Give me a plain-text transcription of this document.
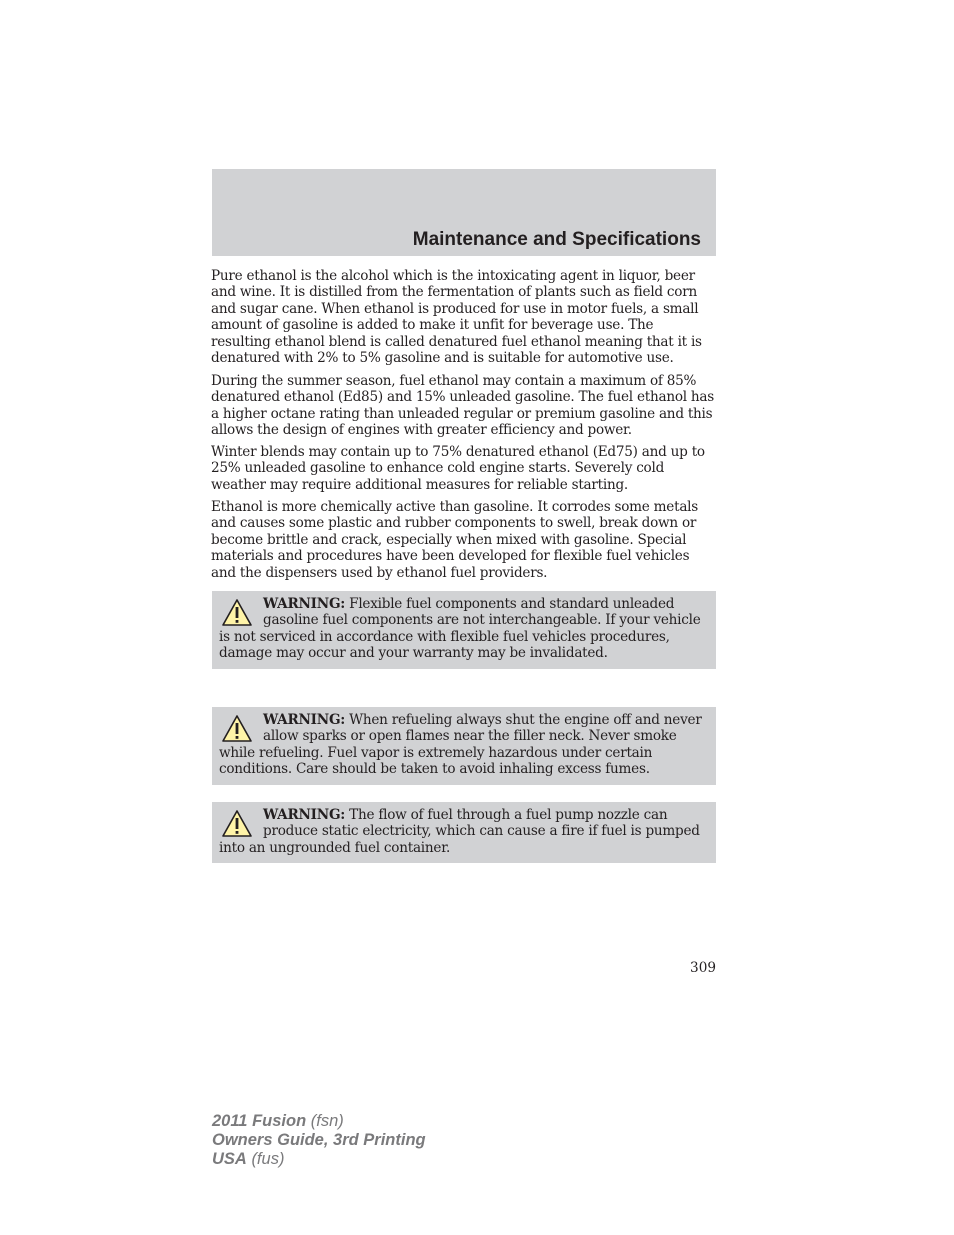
Maintenance and Specifications

Pure ethanol is the alcohol which is the intoxicating agent in liquor, beer and wine. It is distilled from the fermentation of plants such as field corn and sugar cane. When ethanol is produced for use in motor fuels, a small amount of gasoline is added to make it unfit for beverage use. The resulting ethanol blend is called denatured fuel ethanol meaning that it is denatured with 2% to 5% gasoline and is suitable for automotive use.

During the summer season, fuel ethanol may contain a maximum of 85% denatured ethanol (Ed85) and 15% unleaded gasoline. The fuel ethanol has a higher octane rating than unleaded regular or premium gasoline and this allows the design of engines with greater efficiency and power.

Winter blends may contain up to 75% denatured ethanol (Ed75) and up to 25% unleaded gasoline to enhance cold engine starts. Severely cold weather may require additional measures for reliable starting.

Ethanol is more chemically active than gasoline. It corrodes some metals and causes some plastic and rubber components to swell, break down or become brittle and crack, especially when mixed with gasoline. Special materials and procedures have been developed for flexible fuel vehicles and the dispensers used by ethanol fuel providers.

WARNING: Flexible fuel components and standard unleaded gasoline fuel components are not interchangeable. If your vehicle is not serviced in accordance with flexible fuel vehicles procedures, damage may occur and your warranty may be invalidated.
WARNING: When refueling always shut the engine off and never allow sparks or open flames near the filler neck. Never smoke while refueling. Fuel vapor is extremely hazardous under certain conditions. Care should be taken to avoid inhaling excess fumes.
WARNING: The flow of fuel through a fuel pump nozzle can produce static electricity, which can cause a fire if fuel is pumped into an ungrounded fuel container.
309
2011 Fusion (fsn)
Owners Guide, 3rd Printing
USA (fus)
